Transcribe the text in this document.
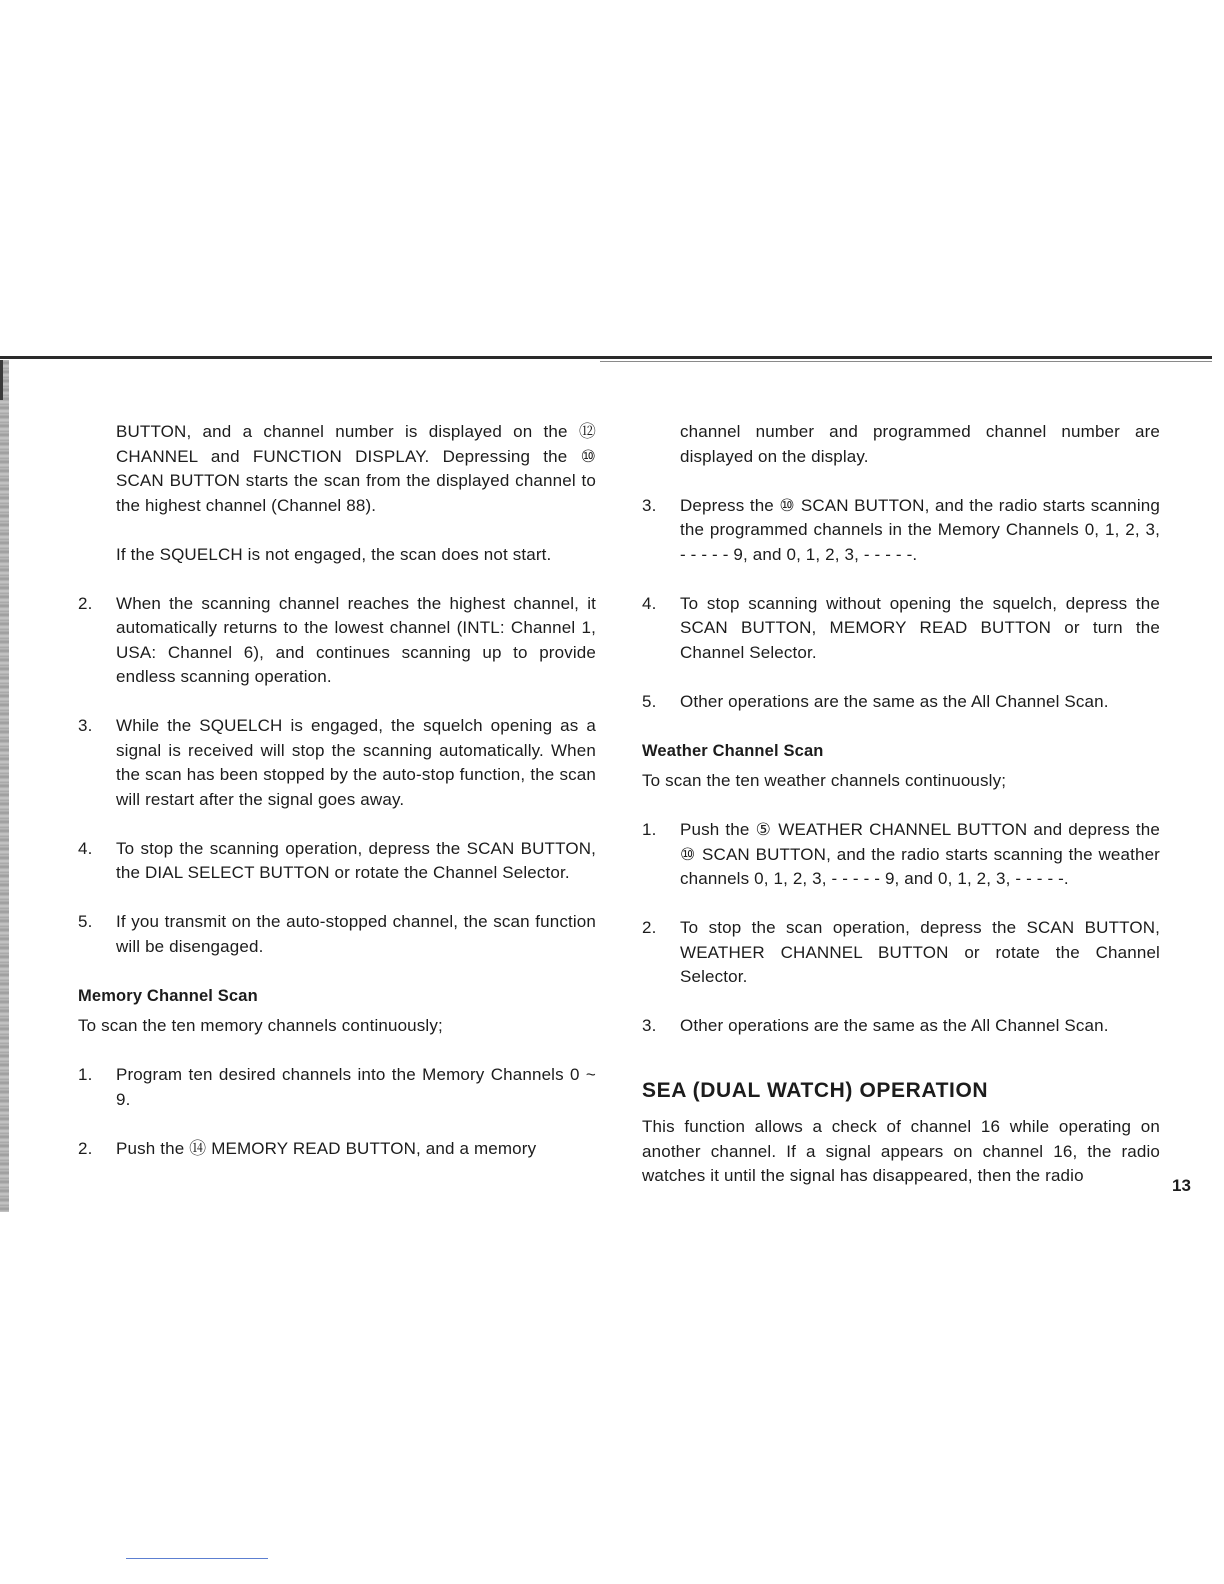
BUTTON, and a channel number is displayed on the ⑫ CHANNEL and FUNCTION DISPLAY. Depressing the ⑩ SCAN BUTTON starts the scan from the displayed channel to the highest channel (Channel 88).

If the SQUELCH is not engaged, the scan does not start.

2.	When the scanning channel reaches the highest channel, it automatically returns to the lowest channel (INTL: Channel 1, USA: Channel 6), and continues scanning up to provide endless scanning operation.
3.	While the SQUELCH is engaged, the squelch opening as a signal is received will stop the scanning automatically. When the scan has been stopped by the auto-stop function, the scan will restart after the signal goes away.
4.	To stop the scanning operation, depress the SCAN BUTTON, the DIAL SELECT BUTTON or rotate the Channel Selector.
5.	If you transmit on the auto-stopped channel, the scan function will be disengaged.
Memory Channel Scan

To scan the ten memory channels continuously;

1.	Program ten desired channels into the Memory Channels 0 ~ 9.
2.	Push the ⑭ MEMORY READ BUTTON, and a memory

channel number and programmed channel number are displayed on the display.

3.	Depress the ⑩ SCAN BUTTON, and the radio starts scanning the programmed channels in the Memory Channels 0, 1, 2, 3, - - - - - 9, and 0, 1, 2, 3, - - - - -.
4.	To stop scanning without opening the squelch, depress the SCAN BUTTON, MEMORY READ BUTTON or turn the Channel Selector.
5.	Other operations are the same as the All Channel Scan.
Weather Channel Scan

To scan the ten weather channels continuously;

1.	Push the ⑤ WEATHER CHANNEL BUTTON and depress the ⑩ SCAN BUTTON, and the radio starts scanning the weather channels 0, 1, 2, 3, - - - - - 9, and 0, 1, 2, 3, - - - - -.
2.	To stop the scan operation, depress the SCAN BUTTON, WEATHER CHANNEL BUTTON or rotate the Channel Selector.
3.	Other operations are the same as the All Channel Scan.
SEA (DUAL WATCH) OPERATION

This function allows a check of channel 16 while operating on another channel. If a signal appears on channel 16, the radio watches it until the signal has disappeared, then the radio

13
